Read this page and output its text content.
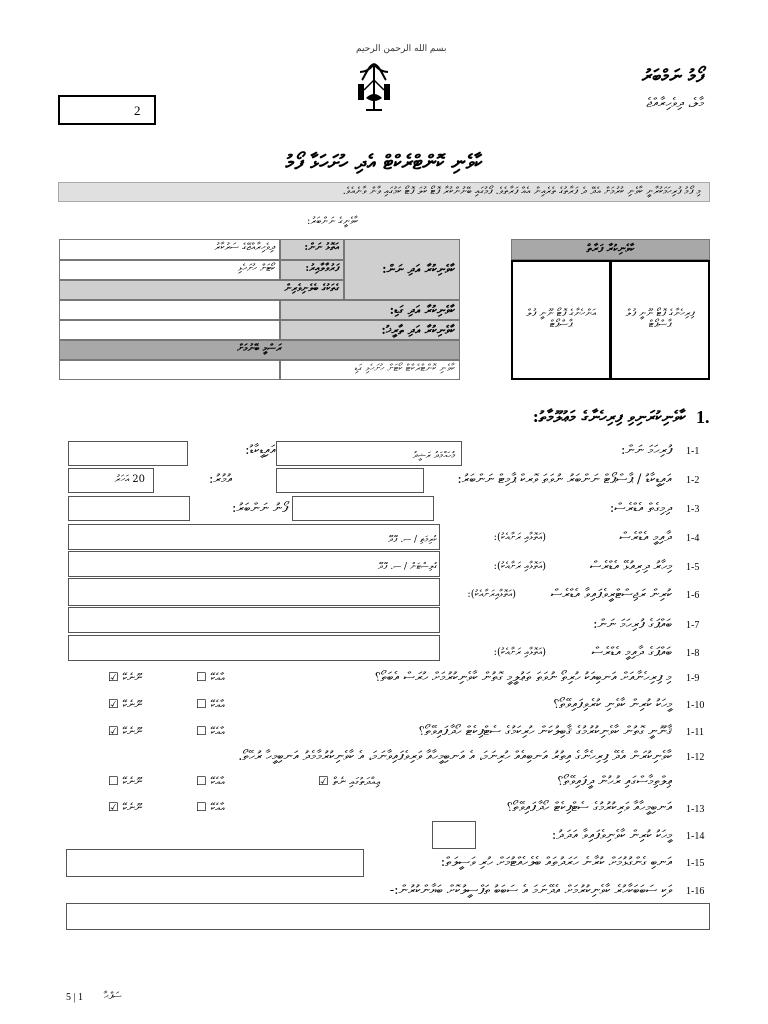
بسم الله الرحمن الرحيم
ފޯމު ނަމްބަރު
މާލެ، ދިވެހިރާއްޖެ
2
ކާވެނި ކޮންޓްރެކްޓް އެދި ހުށަހަޅާ ފޯމު
މި ފޯމު ފުރިހަމަކުރާނީ ކާވެނި ކުރުމަށް އެދޭ ދެ ފަރާތުގެ ތެރެއިން އެއް ފަރާތެވެ. ފޯމުގައި ބޭނުންކުރާ ފޮޓޯ ކުލަ ފޮޓޯ ކަމުގައި ވާން ވާނެއެވެ.
ކާވެނީގެ ނަންބަރު:
ދިވެހިރާއްޖޭގެ ސަރުކާރު	އަތޮޅު ނަން:
ކޯޓަށް ހުށަހެޅި	ފަރުވާލާއިރު:
ގެތަކުގެ ބެލެނިވެރިން
ކާވެނިކުރާ އަދި ނަން:
ކާވެނިކުރާ އަދި ގަޑި:
ކާވެނިކުރާ އަދި ތާރީޚު:
ރަސްމީ ބޭނުމަށް
ކާވެނި ކޮންޓްރެކްޓް ކޯޓަށް ހުށަހެޅި ގަޑި
ކާވެނިކުރާ ފަރާތް
އަންހެނާގެ ފޮޓޯ ނޫނީ ފުލް ޕާސްޕޯޓް
ފިރިހެނާގެ ފޮޓޯ ނޫނީ ފުލް ޕާސްޕޯޓް
1.
ކާވެނިކުރަނިވި ފިރިހެނާގެ މަޢުލޫމާތު:
1-1
ފުރިހަމަ ނަން:
މުހައްމަދު ރަޝީދު
އައިޑީކާޑު:
1-2
އައިޑީކާޑު / ޕާސްޕޯޓް ނަންބަރު ނުވަތަ ވޮރކް ޕާމިޓް ނަންބަރު:
އުމުރު:
20 އަހަރު
1-3
ދިމިގެތް އެޑްރެސް:
ފޯނު ނަންބަރު:
1-4
ދާއިމީ އެޑްރެސް
(އަތޮޅާއި ރަށާއެކު):
ކުރިމަތި / ސ. ފޭދޫ
1-5
މިހާރު ދިރިއުޅޭ އެޑްރެސް
(އަތޮޅާއި ރަށާއެކު):
ގުލިސްޓަން / ސ. ފޭދޫ
1-6
ކުރިން ރަޖިސްޓްރީވެފައިވާ އެޑްރެސް
(އަތޮޅާއިރަށާއެކު):
1-7
ބައްޕަގެ ފުރިހަމަ ނަން:
1-8
ބައްޕަގެ ދާއިމީ އެޑްރެސް
(އަތޮޅާއި ރަށާއެކު):
1-9
މި ފިރިހެނާއަށް އަނބިއަކު ހުރިތޯ ނުވަތަ ތަޢުލީމީ ގޮތުން ކާވެނިކުރުމަށް ހުރަސް އެބަތޯ؟
☐ އާއެކޭ
☑ ނޫނެކޭ
1-10
މީހަކު ކުރިން ކާވެނި ކުރެވިފައިވޭތޯ؟
☐ އާއެކޭ
☑ ނޫނެކޭ
1-11
ޤާނޫނީ ގޮތުން ކާވެނިކުރުމުގެ ޤާބިލުކަން ހުރިކަމުގެ ސެޓްފިކެޓް ހޯދާފައިވޭތޯ؟
☐ އާއެކޭ
☑ ނޫނެކޭ
1-12
ކާވެނިކުރަން އެދޭ ފިރިހެނާގެ އިތުރު އަނބިއެއް ހުރިނަމަ، އެ އަނބިމީހާއާ ވަރިވެފައިވާނަމަ، އެ ކާވެނިކުރުމާމެދު އަނބިމީހާ ރުހޭތޯ.
ޢިލްތިމާސްގައި ރުހުން ދީފައިވޭތޯ؟
☑ ޢިއްދަތުގައި ނެތް
☐ އާއެކޭ
☐ ނޫނެކޭ
1-13
އަނބިމީހާއާ ވަރިކުރުމުގެ ސެޓްފިކެޓް ހޯދާފައިވޭތޯ؟
☐ އާއެކޭ
☑ ނޫނެކޭ
1-14
މީހަކު ކުރިން ކާވެނިވެފައިވާ އަދަދު:
1-15
އަނބި ގެންގުޅުމަށް ކުރާނެ ހަރަދުތައް ބެލެހެއްޓުމަށް ހުރި ވަސީލަތް:
1-16
ވަކި ސަބަބަކާހުރެ ކާވެނިކުރުމަށް އެދޭނަމަ އެ ސަބަބު ތަފްސީލުކޮށް ބަޔާންކުރުން:-
5 | 1 ސަފްޙާ
